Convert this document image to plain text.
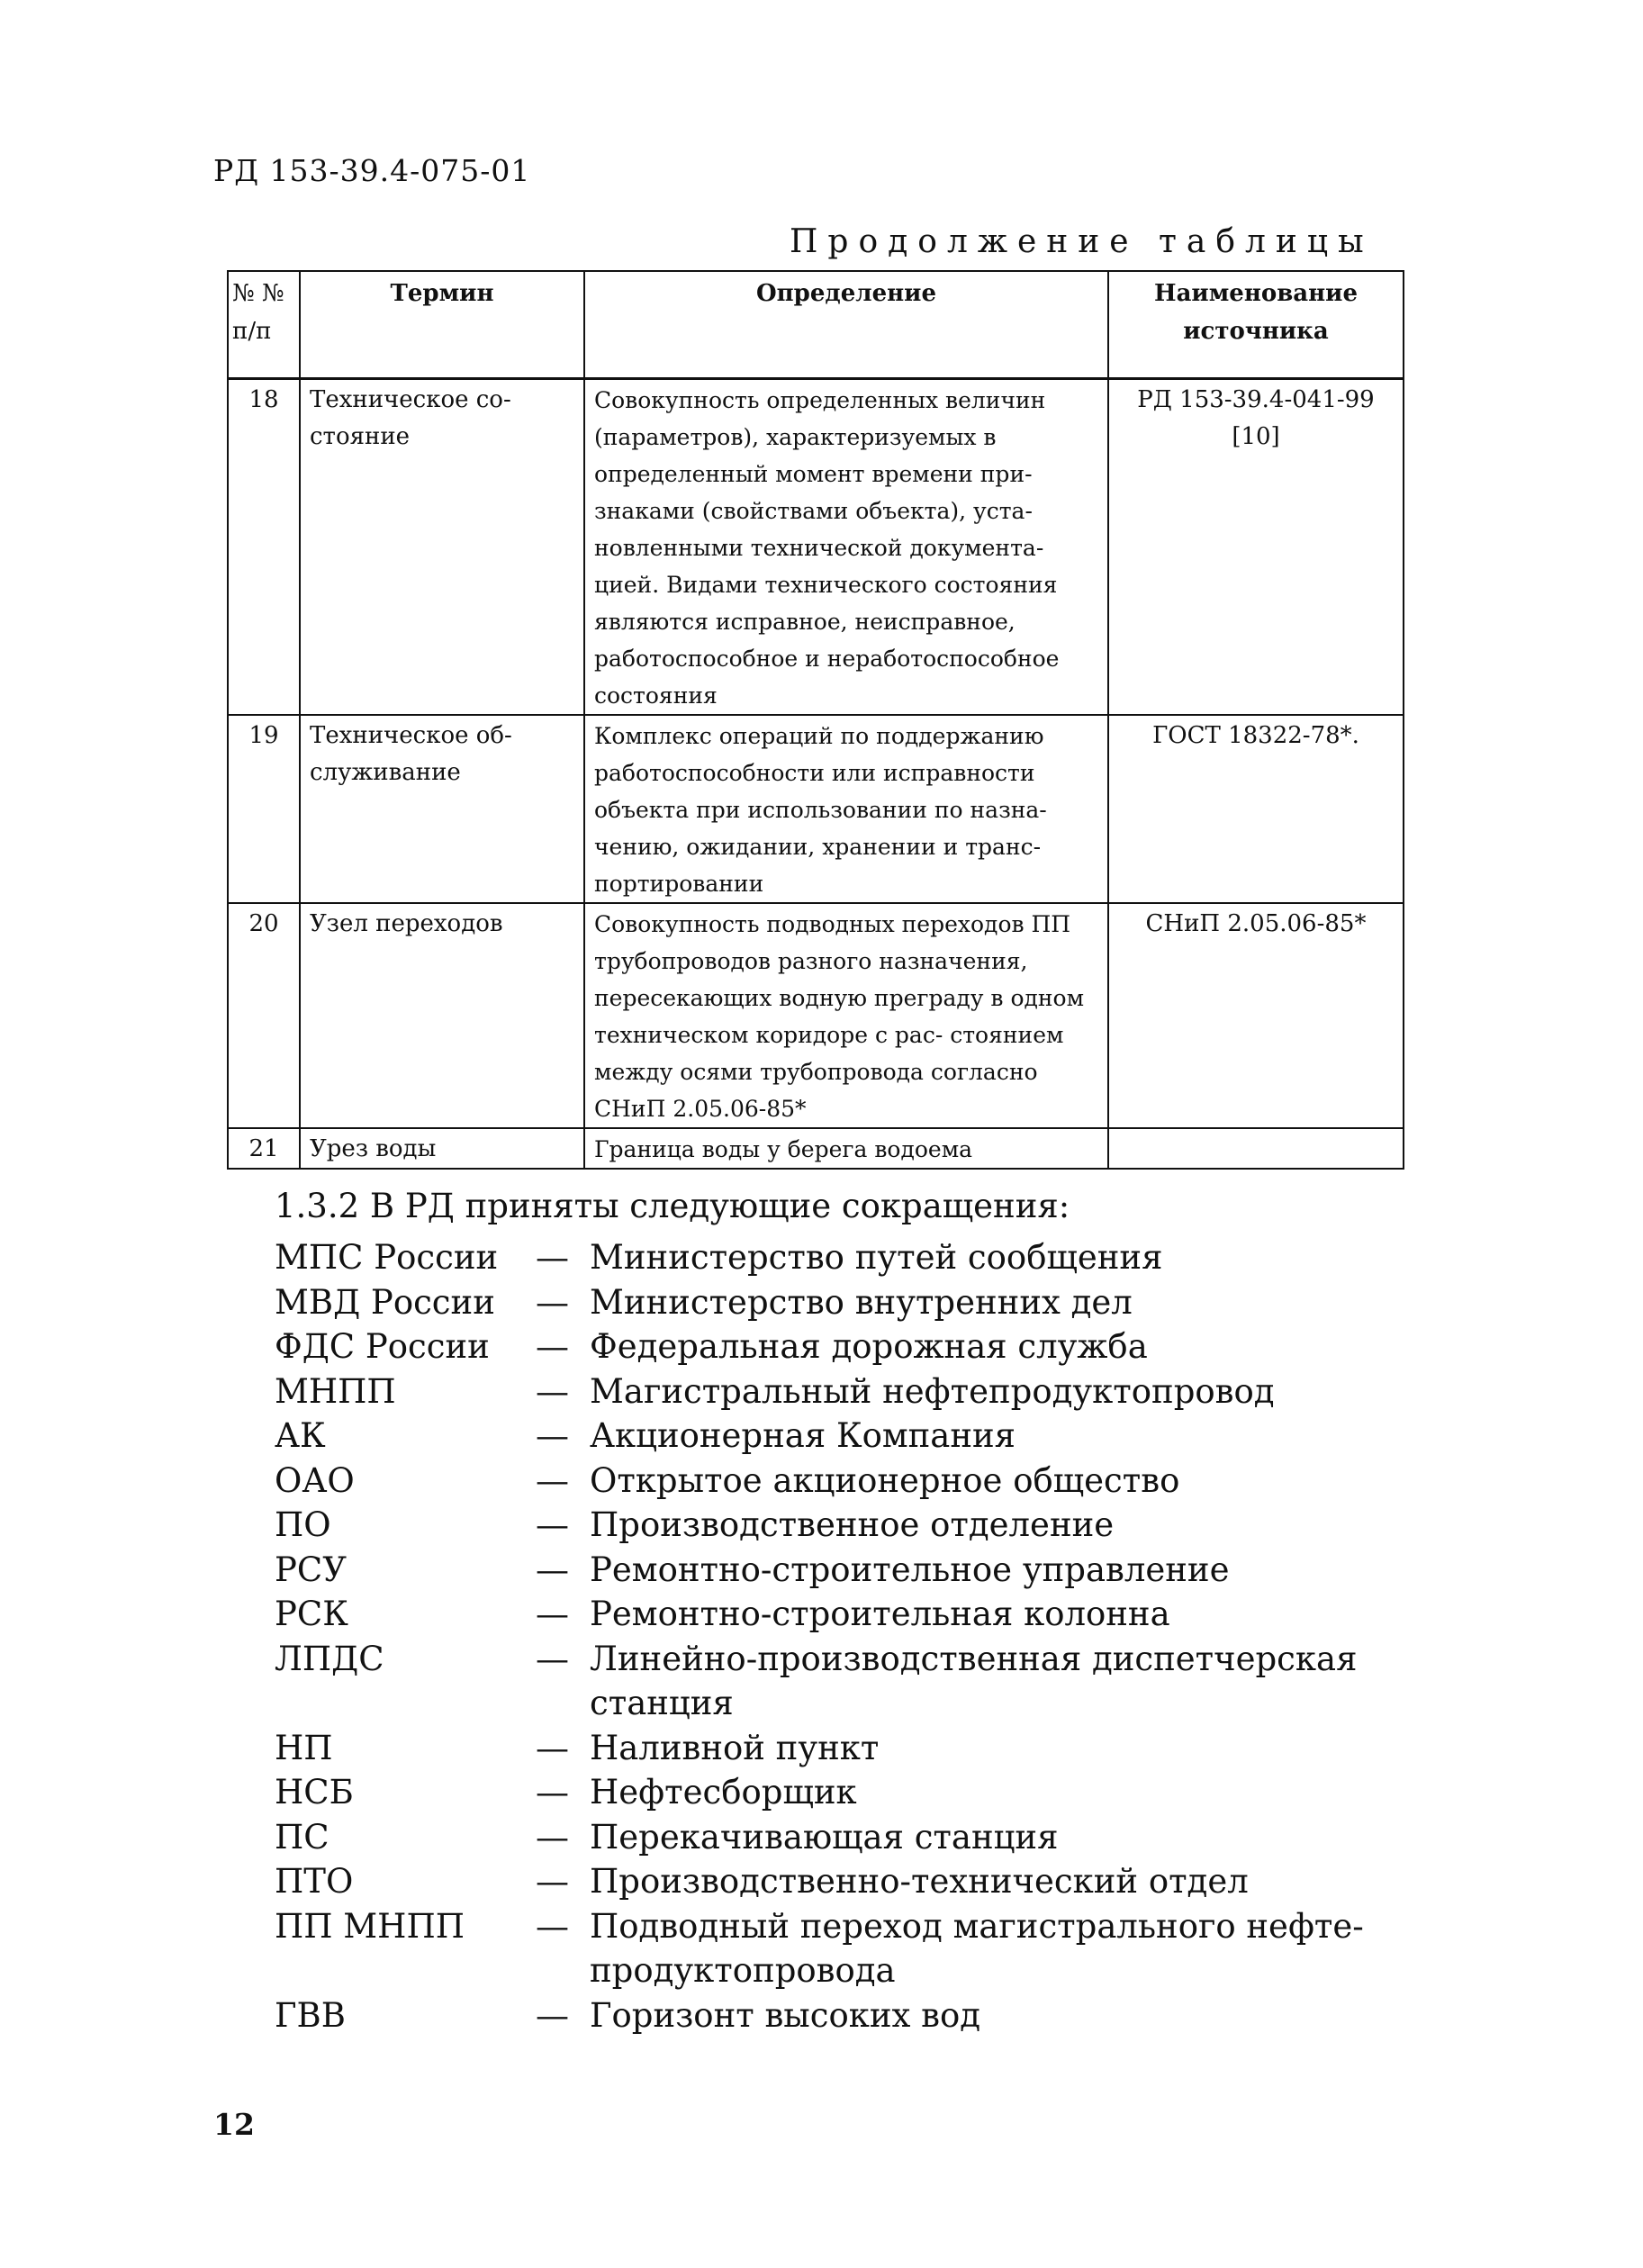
РД 153-39.4-075-01
Продолжение таблицы
№ № п/п	Термин	Определение	Наименование источника
18	Техническое со- стояние	Совокупность определенных величин (параметров), характеризуемых в определенный момент времени при- знаками (свойствами объекта), уста- новленными технической документа- цией. Видами технического состояния являются исправное, неисправное, работоспособное и неработоспособное состояния	РД 153-39.4-041-99 [10]
19	Техническое об- служивание	Комплекс операций по поддержанию работоспособности или исправности объекта при использовании по назна- чению, ожидании, хранении и транс- портировании	ГОСТ 18322-78*.
20	Узел переходов	Совокупность подводных переходов ПП трубопроводов разного назначения, пересекающих водную преграду в одном техническом коридоре с рас- стоянием между осями трубопровода согласно СНиП 2.05.06-85*	СНиП 2.05.06-85*
21	Урез воды	Граница воды у берега водоема	
1.3.2 В РД приняты следующие сокращения:
МПС России	— Министерство путей сообщения
МВД России	— Министерство внутренних дел
ФДС России	— Федеральная дорожная служба
МНПП	— Магистральный нефтепродуктопровод
АК	— Акционерная Компания
ОАО	— Открытое акционерное общество
ПО	— Производственное отделение
РСУ	— Ремонтно-строительное управление
РСК	— Ремонтно-строительная колонна
ЛПДС	— Линейно-производственная диспетчерская станция
НП	— Наливной пункт
НСБ	— Нефтесборщик
ПС	— Перекачивающая станция
ПТО	— Производственно-технический отдел
ПП МНПП	— Подводный переход магистрального нефте- продуктопровода
ГВВ	— Горизонт высоких вод
12
